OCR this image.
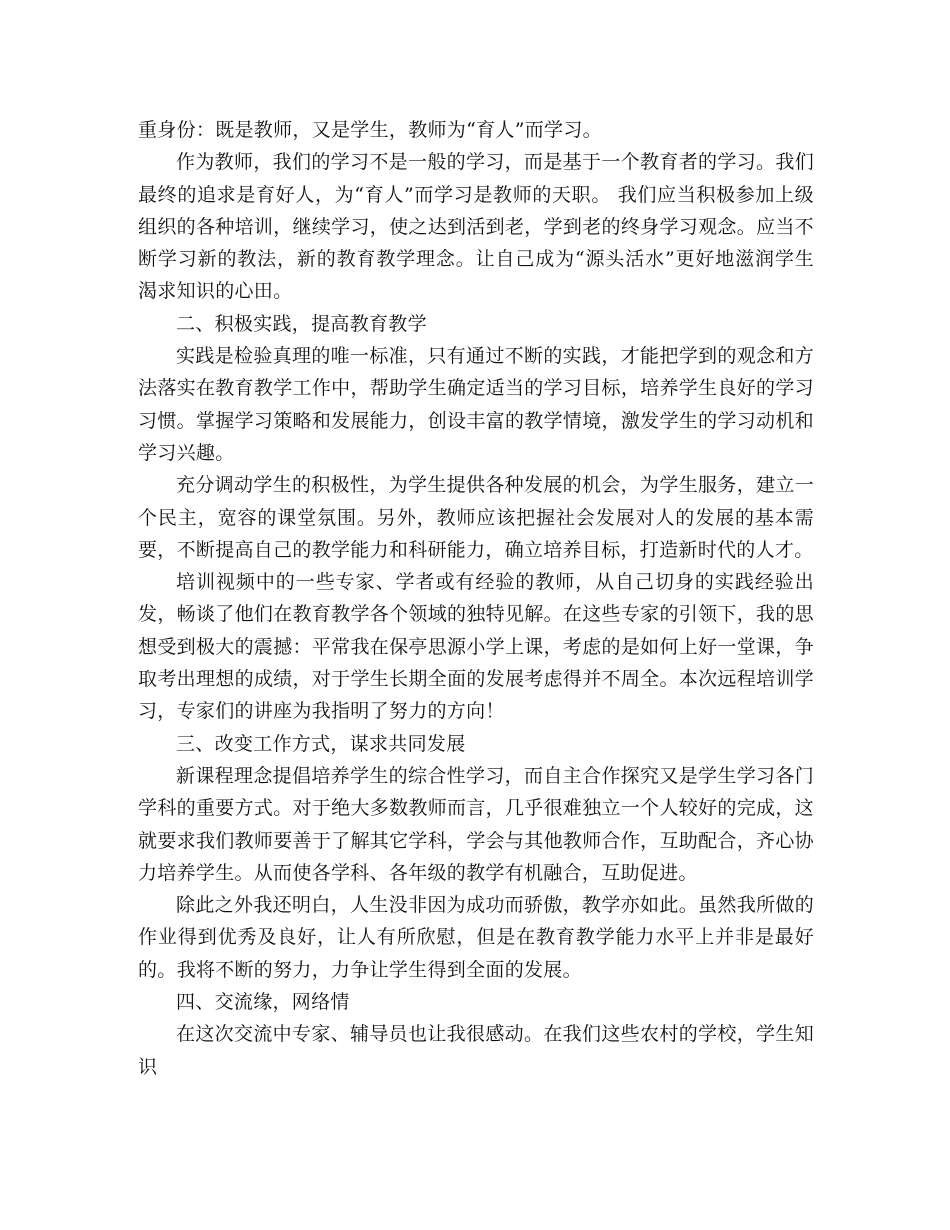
重身份：既是教师，又是学生，教师为“育人”而学习。

作为教师，我们的学习不是一般的学习，而是基于一个教育者的学习。我们最终的追求是育好人，为“育人”而学习是教师的天职。 我们应当积极参加上级组织的各种培训，继续学习，使之达到活到老，学到老的终身学习观念。应当不断学习新的教法，新的教育教学理念。让自己成为“源头活水”更好地滋润学生渴求知识的心田。

二、积极实践，提高教育教学

实践是检验真理的唯一标准，只有通过不断的实践，才能把学到的观念和方法落实在教育教学工作中，帮助学生确定适当的学习目标，培养学生良好的学习习惯。掌握学习策略和发展能力，创设丰富的教学情境，激发学生的学习动机和学习兴趣。

充分调动学生的积极性，为学生提供各种发展的机会，为学生服务，建立一个民主，宽容的课堂氛围。另外，教师应该把握社会发展对人的发展的基本需要，不断提高自己的教学能力和科研能力，确立培养目标，打造新时代的人才。

培训视频中的一些专家、学者或有经验的教师，从自己切身的实践经验出发，畅谈了他们在教育教学各个领域的独特见解。在这些专家的引领下，我的思想受到极大的震撼：平常我在保亭思源小学上课，考虑的是如何上好一堂课，争取考出理想的成绩，对于学生长期全面的发展考虑得并不周全。本次远程培训学习，专家们的讲座为我指明了努力的方向！

三、改变工作方式，谋求共同发展

新课程理念提倡培养学生的综合性学习，而自主合作探究又是学生学习各门学科的重要方式。对于绝大多数教师而言，几乎很难独立一个人较好的完成，这就要求我们教师要善于了解其它学科，学会与其他教师合作，互助配合，齐心协力培养学生。从而使各学科、各年级的教学有机融合，互助促进。

除此之外我还明白，人生没非因为成功而骄傲，教学亦如此。虽然我所做的作业得到优秀及良好，让人有所欣慰，但是在教育教学能力水平上并非是最好的。我将不断的努力，力争让学生得到全面的发展。

四、交流缘，网络情

在这次交流中专家、辅导员也让我很感动。在我们这些农村的学校，学生知识
